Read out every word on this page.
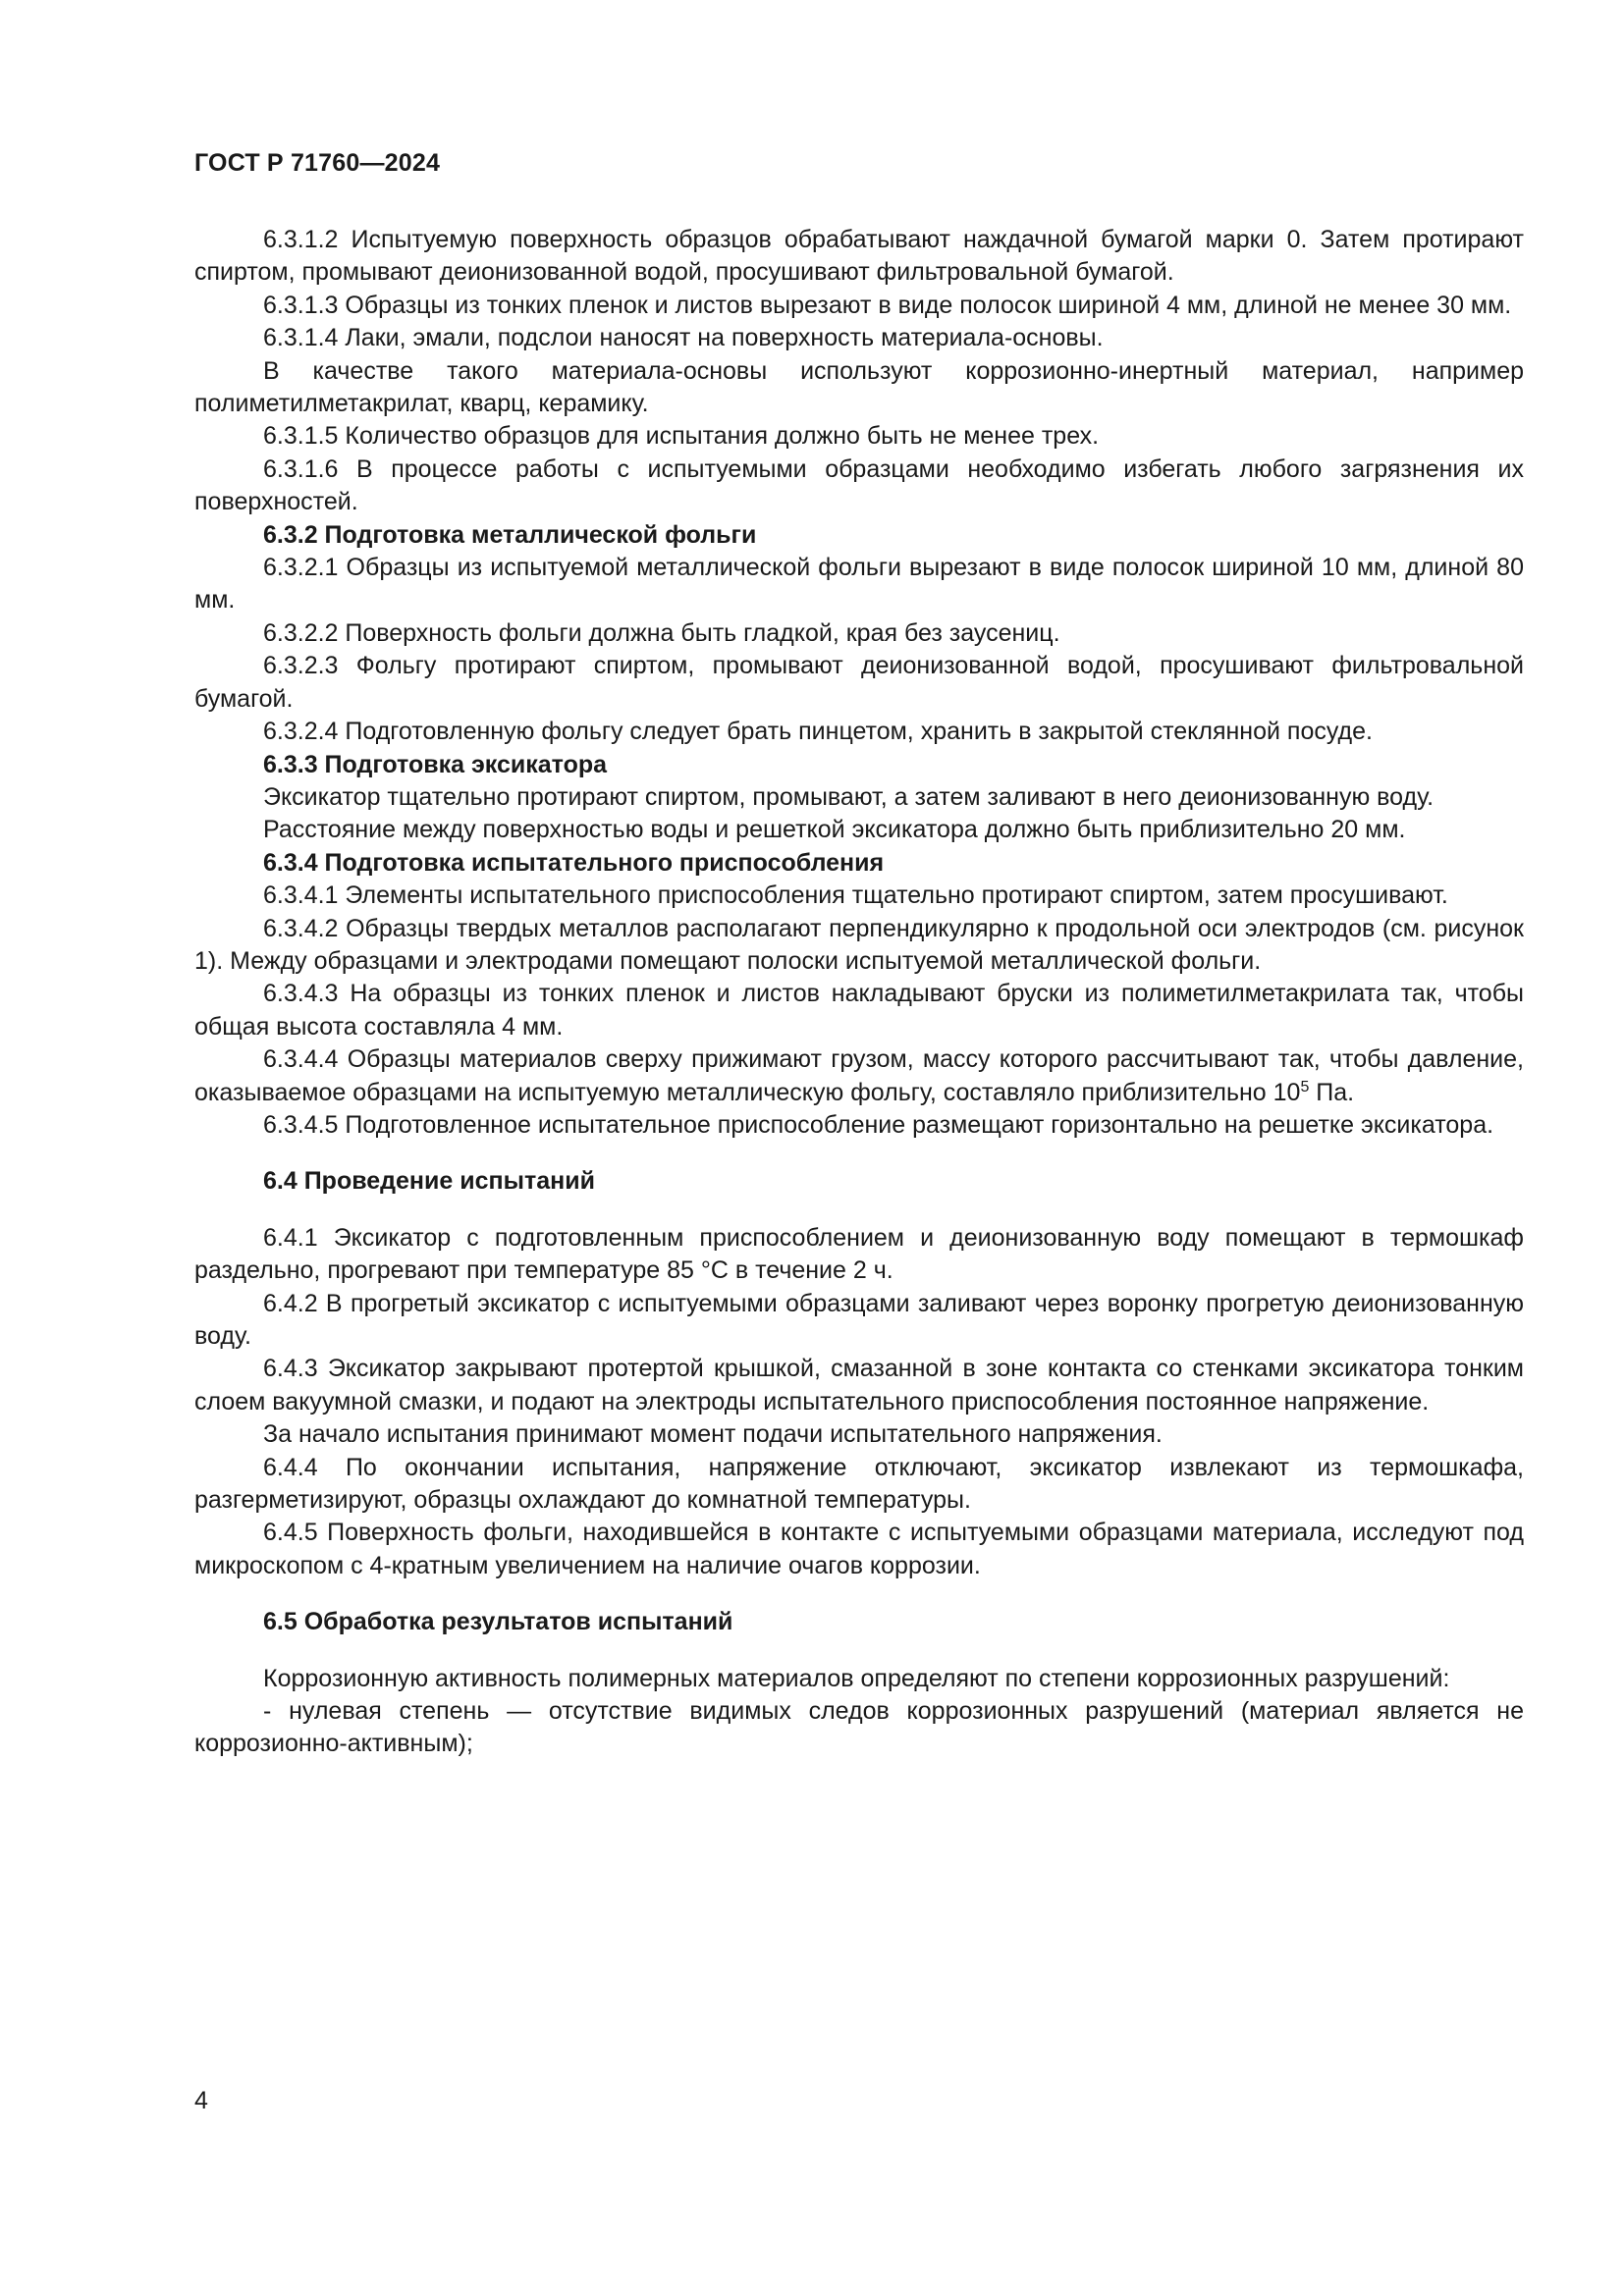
ГОСТ Р 71760—2024

6.3.1.2 Испытуемую поверхность образцов обрабатывают наждачной бумагой марки 0. Затем протирают спиртом, промывают деионизованной водой, просушивают фильтровальной бумагой.

6.3.1.3 Образцы из тонких пленок и листов вырезают в виде полосок шириной 4 мм, длиной не менее 30 мм.

6.3.1.4 Лаки, эмали, подслои наносят на поверхность материала-основы.

В качестве такого материала-основы используют коррозионно-инертный материал, например полиметилметакрилат, кварц, керамику.

6.3.1.5 Количество образцов для испытания должно быть не менее трех.

6.3.1.6 В процессе работы с испытуемыми образцами необходимо избегать любого загрязнения их поверхностей.

6.3.2 Подготовка металлической фольги

6.3.2.1 Образцы из испытуемой металлической фольги вырезают в виде полосок шириной 10 мм, длиной 80 мм.

6.3.2.2 Поверхность фольги должна быть гладкой, края без заусениц.

6.3.2.3 Фольгу протирают спиртом, промывают деионизованной водой, просушивают фильтровальной бумагой.

6.3.2.4 Подготовленную фольгу следует брать пинцетом, хранить в закрытой стеклянной посуде.

6.3.3 Подготовка эксикатора

Эксикатор тщательно протирают спиртом, промывают, а затем заливают в него деионизованную воду.

Расстояние между поверхностью воды и решеткой эксикатора должно быть приблизительно 20 мм.

6.3.4 Подготовка испытательного приспособления

6.3.4.1 Элементы испытательного приспособления тщательно протирают спиртом, затем просушивают.

6.3.4.2 Образцы твердых металлов располагают перпендикулярно к продольной оси электродов (см. рисунок 1). Между образцами и электродами помещают полоски испытуемой металлической фольги.

6.3.4.3 На образцы из тонких пленок и листов накладывают бруски из полиметилметакрилата так, чтобы общая высота составляла 4 мм.

6.3.4.4 Образцы материалов сверху прижимают грузом, массу которого рассчитывают так, чтобы давление, оказываемое образцами на испытуемую металлическую фольгу, составляло приблизительно $10^5$ Па.

6.3.4.5 Подготовленное испытательное приспособление размещают горизонтально на решетке эксикатора.

6.4 Проведение испытаний

6.4.1 Эксикатор с подготовленным приспособлением и деионизованную воду помещают в термошкаф раздельно, прогревают при температуре 85 °С в течение 2 ч.

6.4.2 В прогретый эксикатор с испытуемыми образцами заливают через воронку прогретую деионизованную воду.

6.4.3 Эксикатор закрывают протертой крышкой, смазанной в зоне контакта со стенками эксикатора тонким слоем вакуумной смазки, и подают на электроды испытательного приспособления постоянное напряжение.

За начало испытания принимают момент подачи испытательного напряжения.

6.4.4 По окончании испытания, напряжение отключают, эксикатор извлекают из термошкафа, разгерметизируют, образцы охлаждают до комнатной температуры.

6.4.5 Поверхность фольги, находившейся в контакте с испытуемыми образцами материала, исследуют под микроскопом с 4-кратным увеличением на наличие очагов коррозии.

6.5 Обработка результатов испытаний

Коррозионную активность полимерных материалов определяют по степени коррозионных разрушений:

- нулевая степень — отсутствие видимых следов коррозионных разрушений (материал является не коррозионно-активным);

4
